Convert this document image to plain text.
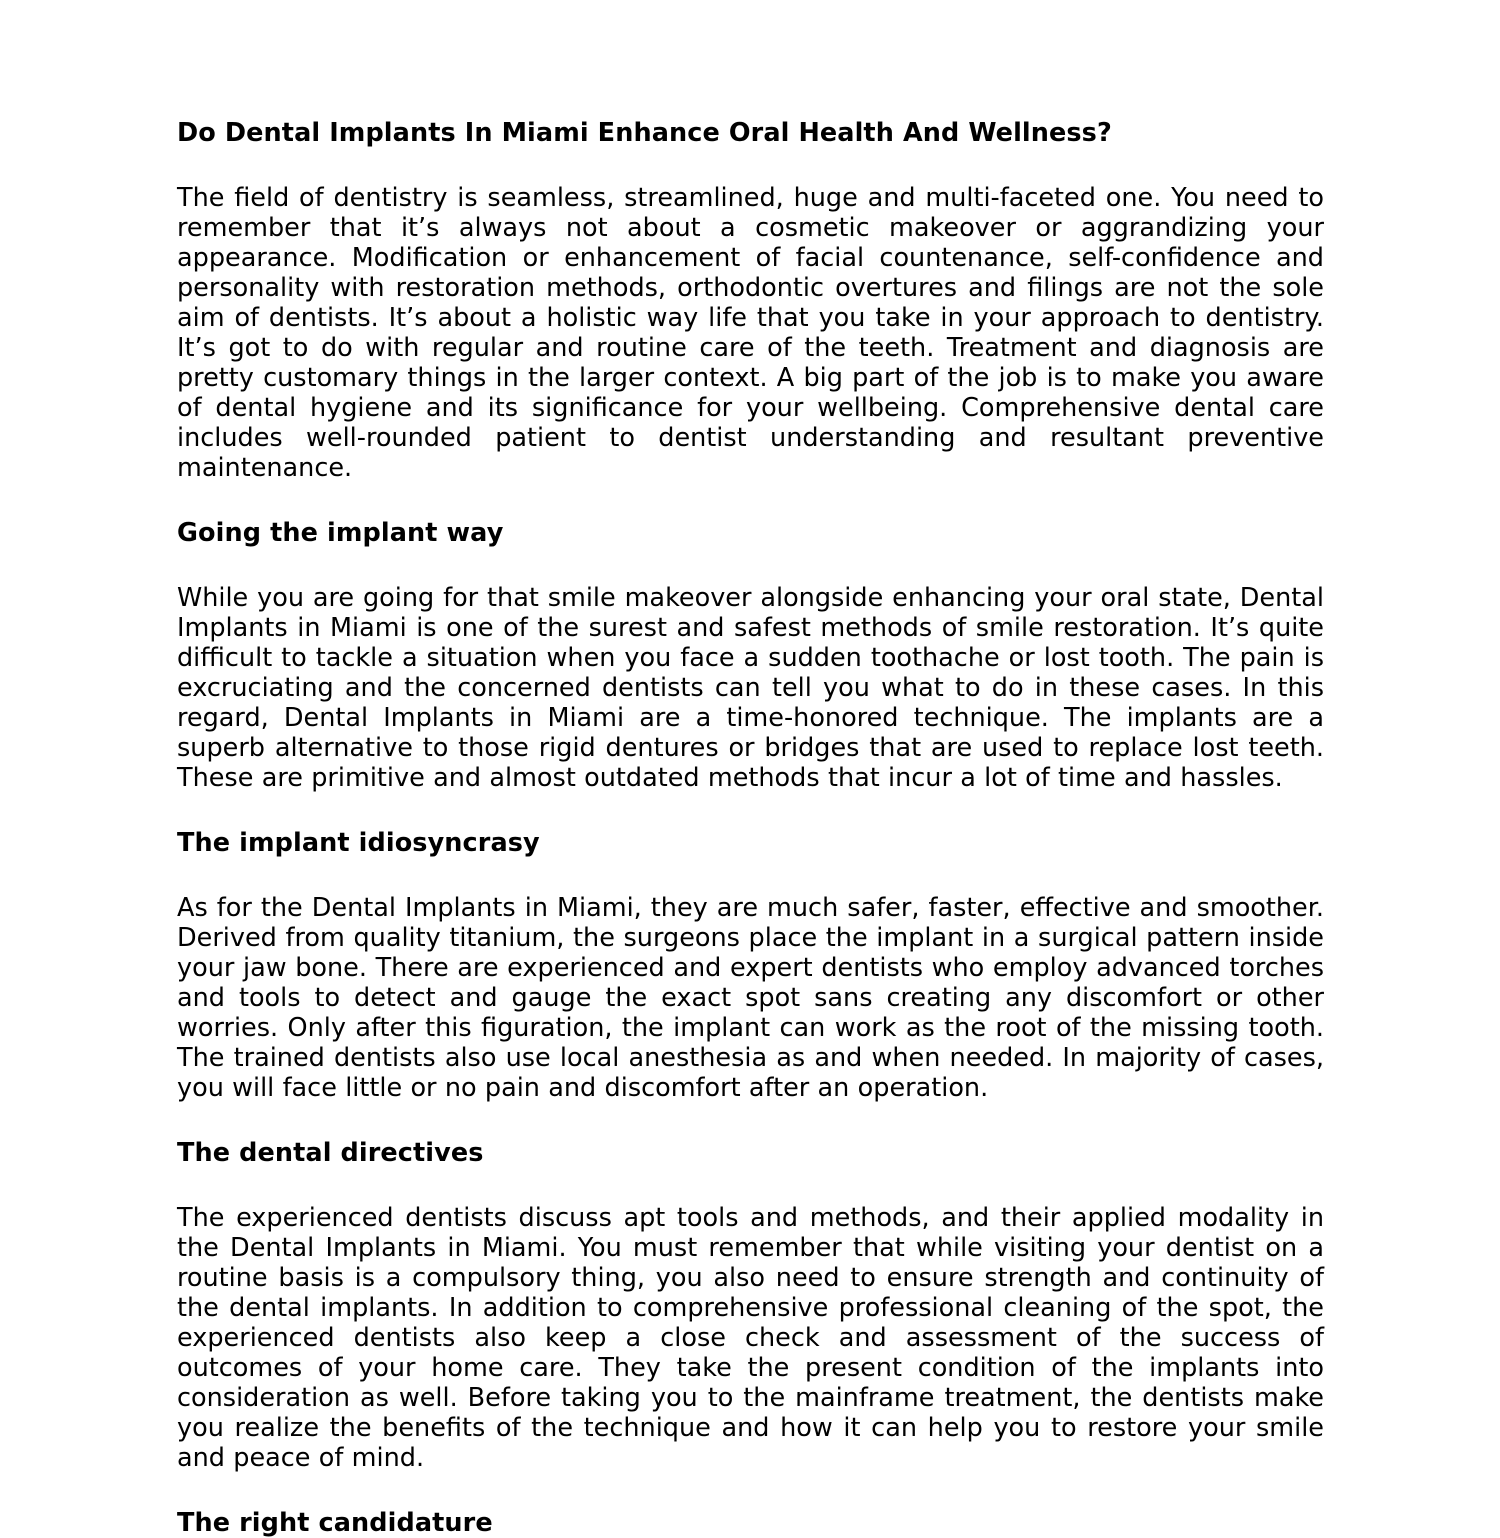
Do Dental Implants In Miami Enhance Oral Health And Wellness?

The field of dentistry is seamless, streamlined, huge and multi-faceted one. You need to remember that it’s always not about a cosmetic makeover or aggrandizing your appearance. Modification or enhancement of facial countenance, self-confidence and personality with restoration methods, orthodontic overtures and filings are not the sole aim of dentists. It’s about a holistic way life that you take in your approach to dentistry. It’s got to do with regular and routine care of the teeth. Treatment and diagnosis are pretty customary things in the larger context. A big part of the job is to make you aware of dental hygiene and its significance for your wellbeing. Comprehensive dental care includes well-rounded patient to dentist understanding and resultant preventive maintenance.

Going the implant way

While you are going for that smile makeover alongside enhancing your oral state, Dental Implants in Miami is one of the surest and safest methods of smile restoration. It’s quite difficult to tackle a situation when you face a sudden toothache or lost tooth. The pain is excruciating and the concerned dentists can tell you what to do in these cases. In this regard, Dental Implants in Miami are a time-honored technique. The implants are a superb alternative to those rigid dentures or bridges that are used to replace lost teeth. These are primitive and almost outdated methods that incur a lot of time and hassles.

The implant idiosyncrasy

As for the Dental Implants in Miami, they are much safer, faster, effective and smoother. Derived from quality titanium, the surgeons place the implant in a surgical pattern inside your jaw bone. There are experienced and expert dentists who employ advanced torches and tools to detect and gauge the exact spot sans creating any discomfort or other worries. Only after this figuration, the implant can work as the root of the missing tooth. The trained dentists also use local anesthesia as and when needed. In majority of cases, you will face little or no pain and discomfort after an operation.

The dental directives

The experienced dentists discuss apt tools and methods, and their applied modality in the Dental Implants in Miami. You must remember that while visiting your dentist on a routine basis is a compulsory thing, you also need to ensure strength and continuity of the dental implants. In addition to comprehensive professional cleaning of the spot, the experienced dentists also keep a close check and assessment of the success of outcomes of your home care. They take the present condition of the implants into consideration as well. Before taking you to the mainframe treatment, the dentists make you realize the benefits of the technique and how it can help you to restore your smile and peace of mind.

The right candidature
